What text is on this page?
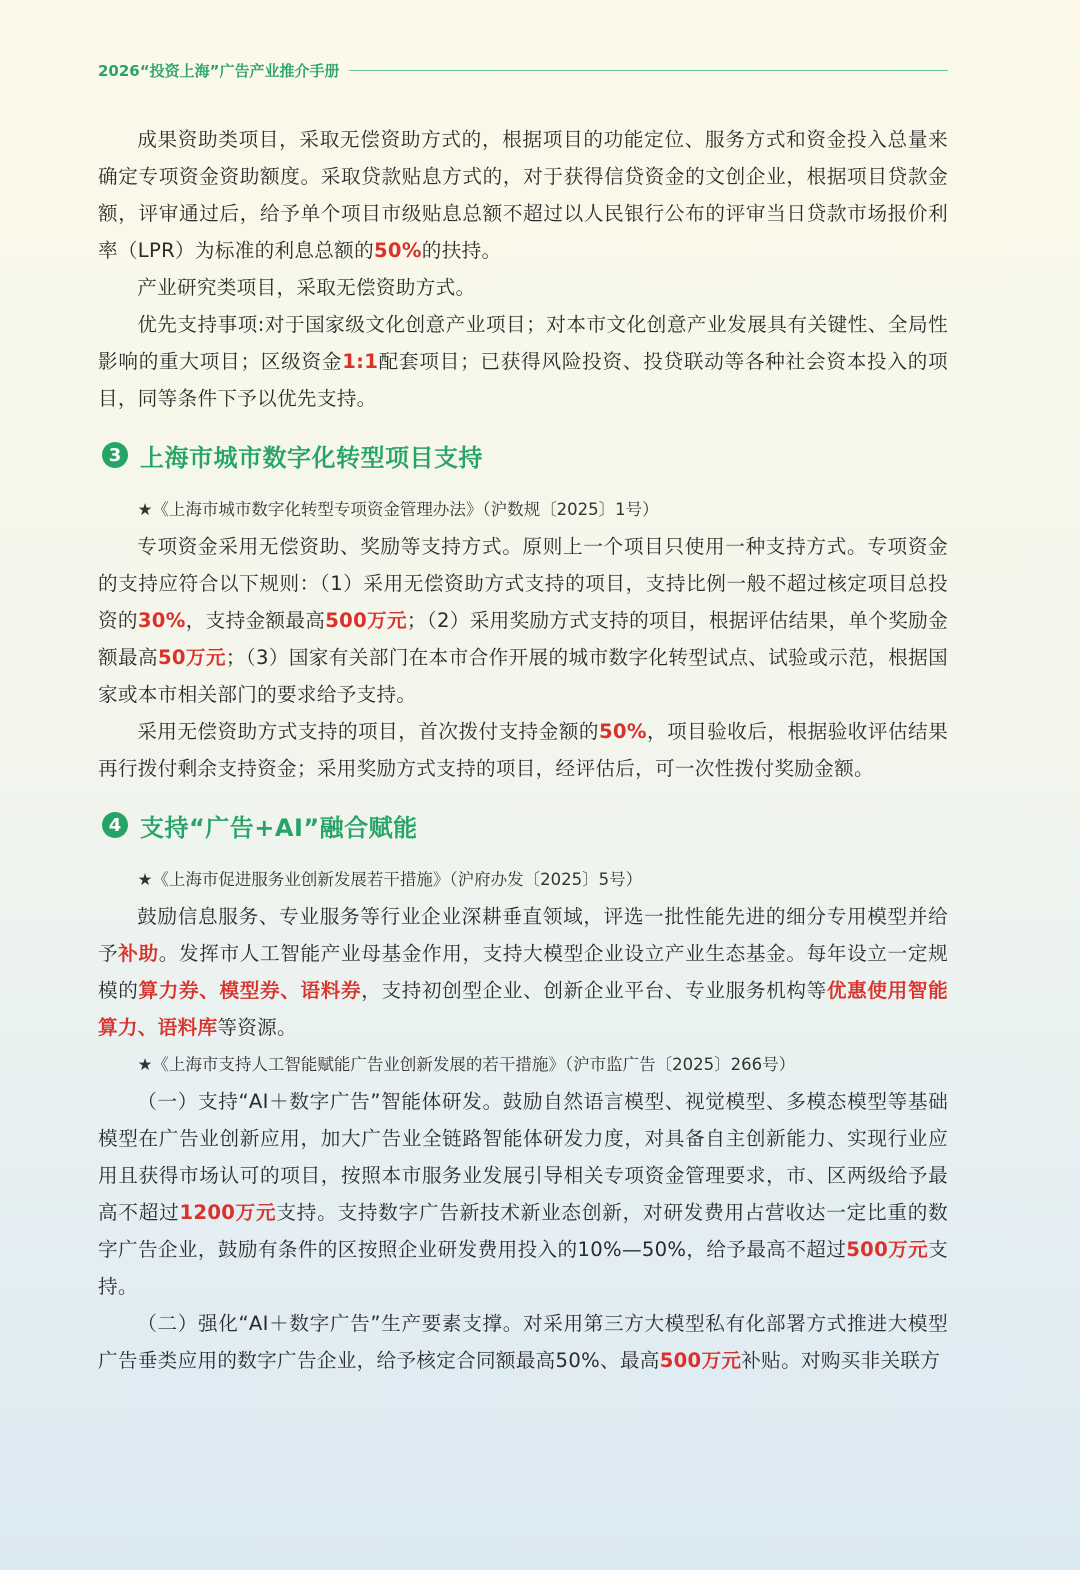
2026“投资上海”广告产业推介手册

成果资助类项目，采取无偿资助方式的，根据项目的功能定位、服务方式和资金投入总量来确定专项资金资助额度。采取贷款贴息方式的，对于获得信贷资金的文创企业，根据项目贷款金额，评审通过后，给予单个项目市级贴息总额不超过以人民银行公布的评审当日贷款市场报价利率（LPR）为标准的利息总额的50%的扶持。

产业研究类项目，采取无偿资助方式。

优先支持事项:对于国家级文化创意产业项目；对本市文化创意产业发展具有关键性、全局性影响的重大项目；区级资金1:1配套项目；已获得风险投资、投贷联动等各种社会资本投入的项目，同等条件下予以优先支持。

3 上海市城市数字化转型项目支持

★《上海市城市数字化转型专项资金管理办法》（沪数规〔2025〕1号）

专项资金采用无偿资助、奖励等支持方式。原则上一个项目只使用一种支持方式。专项资金的支持应符合以下规则：（1）采用无偿资助方式支持的项目，支持比例一般不超过核定项目总投资的30%，支持金额最高500万元；（2）采用奖励方式支持的项目，根据评估结果，单个奖励金额最高50万元；（3）国家有关部门在本市合作开展的城市数字化转型试点、试验或示范，根据国家或本市相关部门的要求给予支持。

采用无偿资助方式支持的项目，首次拨付支持金额的50%，项目验收后，根据验收评估结果再行拨付剩余支持资金；采用奖励方式支持的项目，经评估后，可一次性拨付奖励金额。

4 支持“广告+AI”融合赋能

★《上海市促进服务业创新发展若干措施》（沪府办发〔2025〕5号）

鼓励信息服务、专业服务等行业企业深耕垂直领域，评选一批性能先进的细分专用模型并给予补助。发挥市人工智能产业母基金作用，支持大模型企业设立产业生态基金。每年设立一定规模的算力券、模型券、语料券，支持初创型企业、创新企业平台、专业服务机构等优惠使用智能算力、语料库等资源。

★《上海市支持人工智能赋能广告业创新发展的若干措施》（沪市监广告〔2025〕266号）

（一）支持“AI＋数字广告”智能体研发。鼓励自然语言模型、视觉模型、多模态模型等基础模型在广告业创新应用，加大广告业全链路智能体研发力度，对具备自主创新能力、实现行业应用且获得市场认可的项目，按照本市服务业发展引导相关专项资金管理要求，市、区两级给予最高不超过1200万元支持。支持数字广告新技术新业态创新，对研发费用占营收达一定比重的数字广告企业，鼓励有条件的区按照企业研发费用投入的10%—50%，给予最高不超过500万元支持。

（二）强化“AI＋数字广告”生产要素支撑。对采用第三方大模型私有化部署方式推进大模型广告垂类应用的数字广告企业，给予核定合同额最高50%、最高500万元补贴。对购买非关联方
